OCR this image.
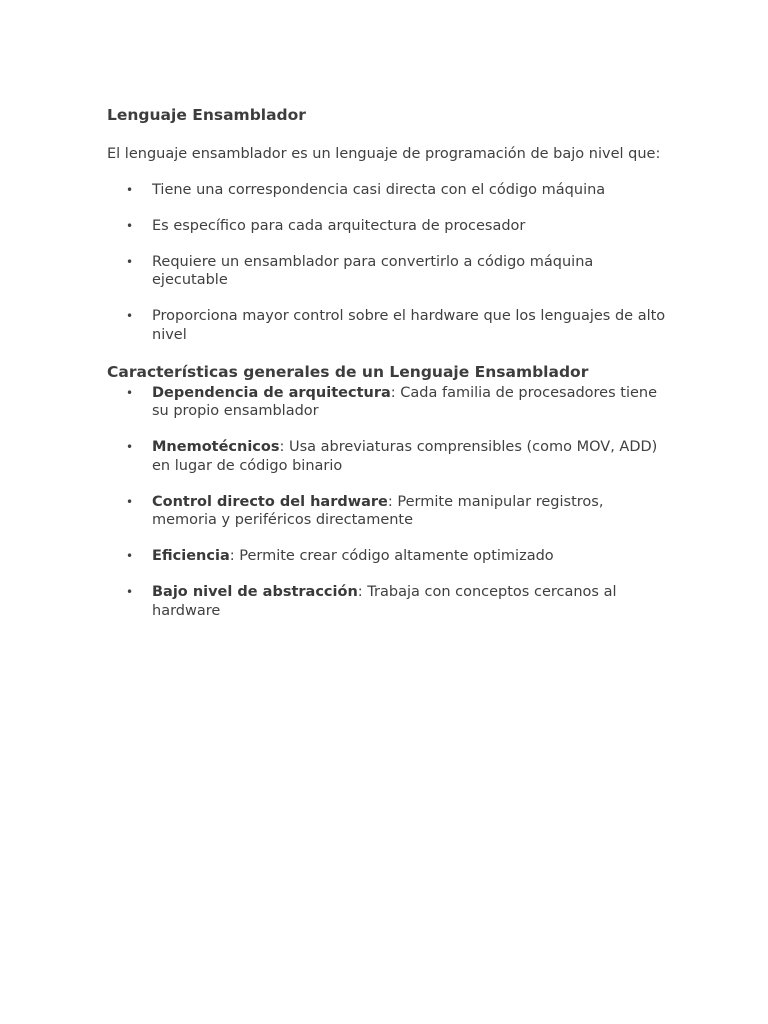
Lenguaje Ensamblador

El lenguaje ensamblador es un lenguaje de programación de bajo nivel que:

• Tiene una correspondencia casi directa con el código máquina
• Es específico para cada arquitectura de procesador
• Requiere un ensamblador para convertirlo a código máquina ejecutable
• Proporciona mayor control sobre el hardware que los lenguajes de alto nivel
Características generales de un Lenguaje Ensamblador
• Dependencia de arquitectura: Cada familia de procesadores tiene su propio ensamblador
• Mnemotécnicos: Usa abreviaturas comprensibles (como MOV, ADD) en lugar de código binario
• Control directo del hardware: Permite manipular registros, memoria y periféricos directamente
• Eficiencia: Permite crear código altamente optimizado
• Bajo nivel de abstracción: Trabaja con conceptos cercanos al hardware
